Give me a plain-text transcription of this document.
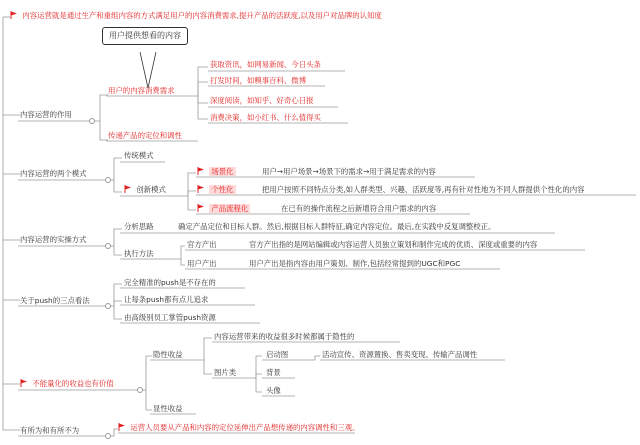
内容运营就是通过生产和重组内容的方式满足用户的内容消费需求,提升产品的活跃度,以及用户对品牌的认知度
用户提供想看的内容
内容运营的作用
用户的内容消费需求
传递产品的定位和调性
获取资讯，如网易新闻、今日头条
打发时间，如糗事百科、微博
深度阅读，如知乎、好奇心日报
消费决策，如小红书、什么值得买
内容运营的两个模式
传统模式
创新模式
场景化	用户→用户场景→场景下的需求→用于满足需求的内容
个性化	把用户按照不同特点分类,如人群类型、兴趣、活跃度等,再有针对性地为不同人群提供个性化的内容
产品流程化	在已有的操作流程之后新增符合用户需求的内容
内容运营的实操方式
分析思路	确定产品定位和目标人群。然后,根据目标人群特征,确定内容定位。最后,在实践中反复调整校正。
执行方法
官方产出	官方产出指的是网站编辑或内容运营人员独立策划和制作完成的优质、深度或重要的内容
用户产出	用户产出是指内容由用户策划、制作,包括经常提到的UGC和PGC
关于push的三点看法
完全精准的push是不存在的
让每条push都有点儿追求
由高级别员工掌管push资源
不能量化的收益也有价值
隐性收益
内容运营带来的收益很多时候都属于隐性的
图片类
启动图	活动宣传、资源置换、售卖变现、传输产品调性
背景
头像
显性收益
有所为和有所不为	运营人员要从产品和内容的定位延伸出产品想传递的内容调性和三观。
